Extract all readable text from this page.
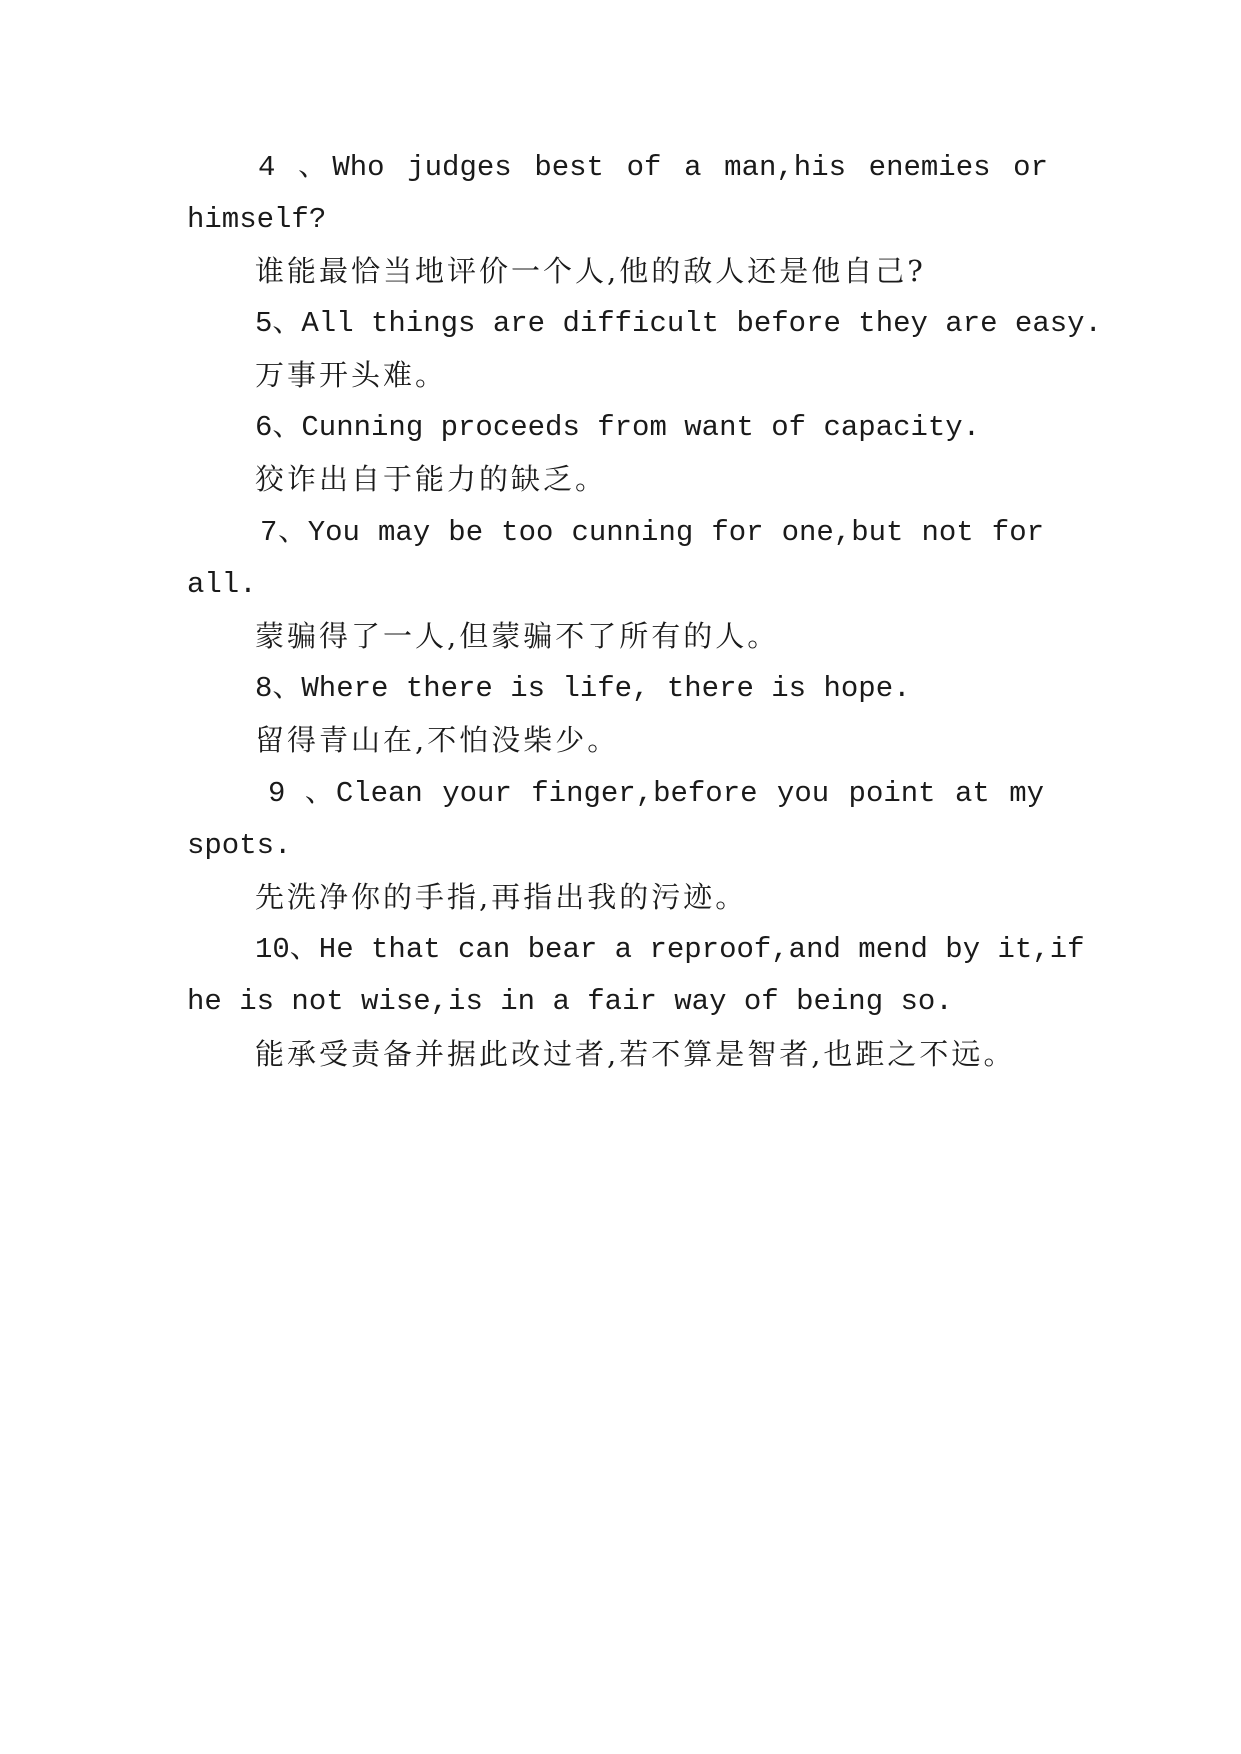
4 、Who judges best of a man,his enemies or

himself?

谁能最恰当地评价一个人,他的敌人还是他自己?

5、All things are difficult before they are easy.

万事开头难。

6、Cunning proceeds from want of capacity.

狡诈出自于能力的缺乏。

7、You may be too cunning for one,but not for

all.

蒙骗得了一人,但蒙骗不了所有的人。

8、Where there is life, there is hope.

留得青山在,不怕没柴少。

9 、Clean your finger,before you point at my

spots.

先洗净你的手指,再指出我的污迹。

10、He that can bear a reproof,and mend by it,if

he is not wise,is in a fair way of being so.

能承受责备并据此改过者,若不算是智者,也距之不远。
